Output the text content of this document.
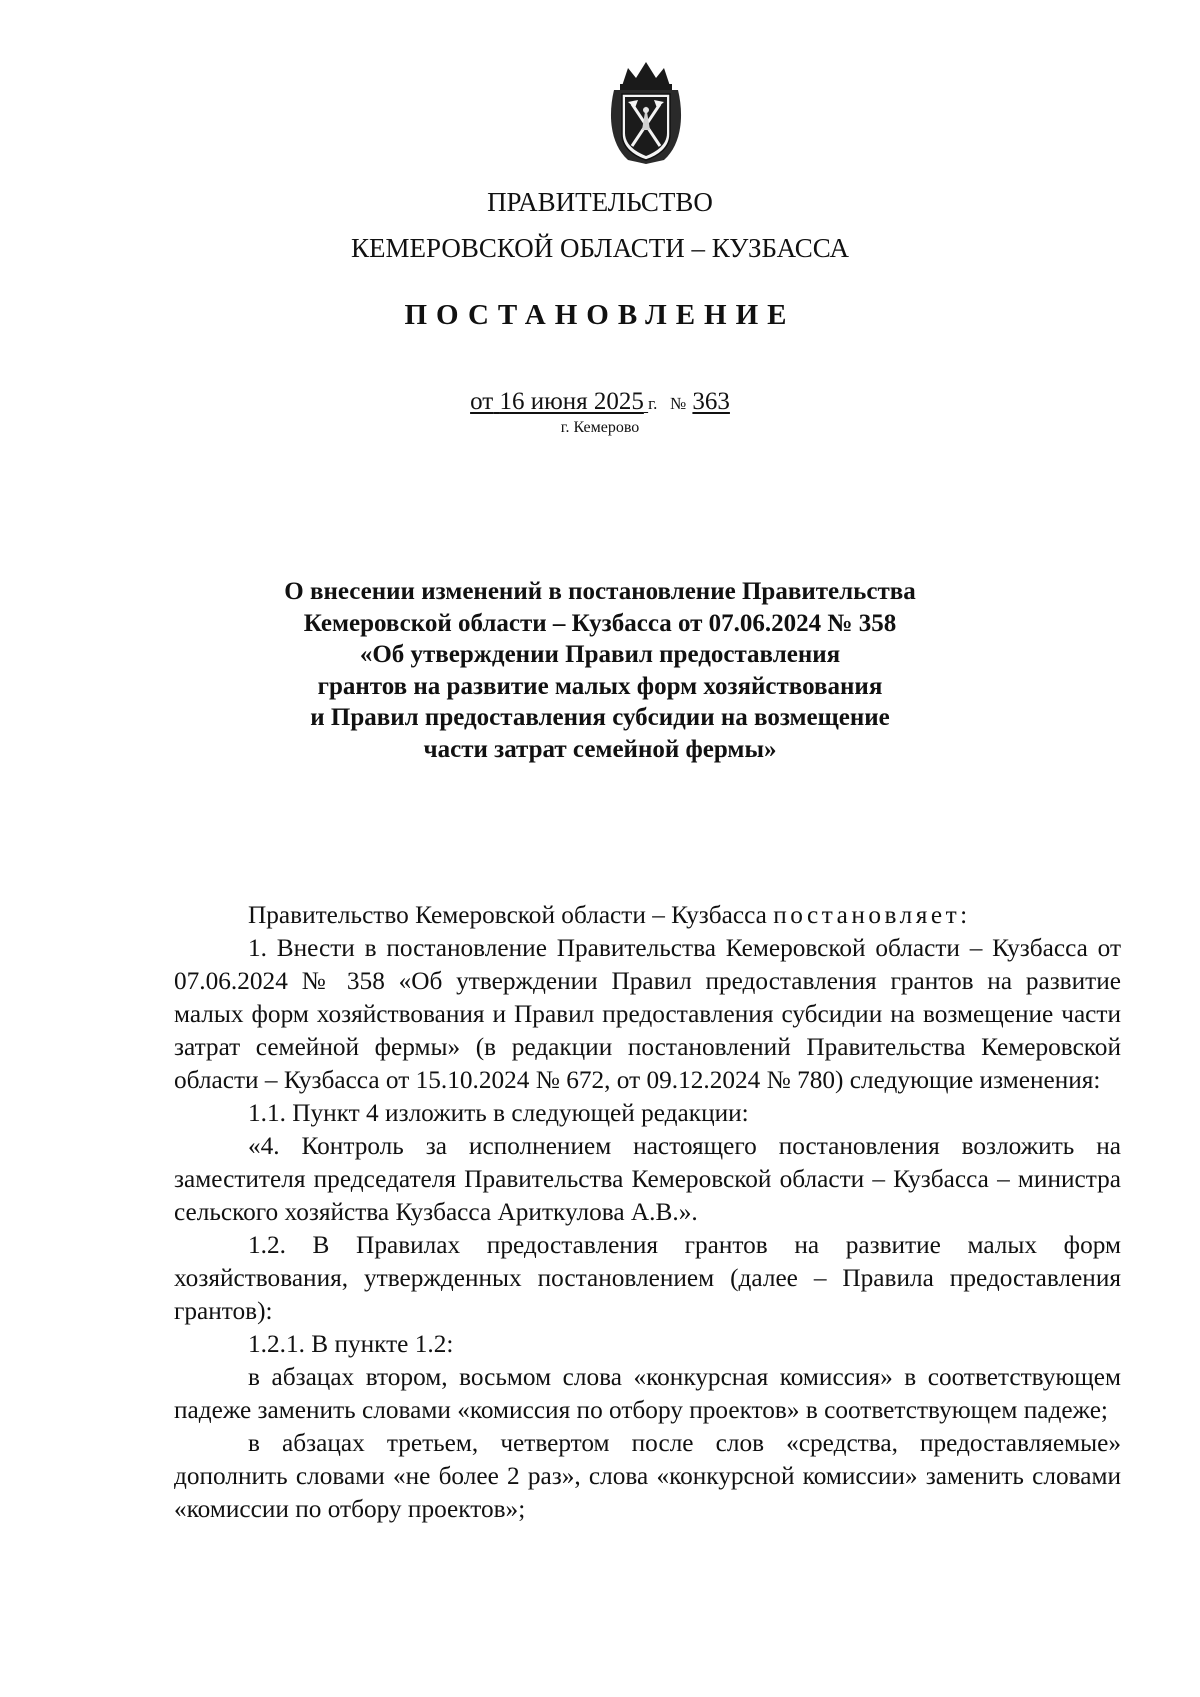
ПРАВИТЕЛЬСТВО
КЕМЕРОВСКОЙ ОБЛАСТИ – КУЗБАССА
ПОСТАНОВЛЕНИЕ
от 16 июня 2025 г. № 363
г. Кемерово
О внесении изменений в постановление Правительства
Кемеровской области – Кузбасса от 07.06.2024 № 358
«Об утверждении Правил предоставления
грантов на развитие малых форм хозяйствования
и Правил предоставления субсидии на возмещение
части затрат семейной фермы»

Правительство Кемеровской области – Кузбасса постановляет:

1. Внести в постановление Правительства Кемеровской области – Кузбасса от 07.06.2024 № 358 «Об утверждении Правил предоставления грантов на развитие малых форм хозяйствования и Правил предоставления субсидии на возмещение части затрат семейной фермы» (в редакции постановлений Правительства Кемеровской области – Кузбасса от 15.10.2024 № 672, от 09.12.2024 № 780) следующие изменения:

1.1. Пункт 4 изложить в следующей редакции:

«4. Контроль за исполнением настоящего постановления возложить на заместителя председателя Правительства Кемеровской области – Кузбасса – министра сельского хозяйства Кузбасса Ариткулова А.В.».

1.2. В Правилах предоставления грантов на развитие малых форм хозяйствования, утвержденных постановлением (далее – Правила предоставления грантов):

1.2.1. В пункте 1.2:

в абзацах втором, восьмом слова «конкурсная комиссия» в соответствующем падеже заменить словами «комиссия по отбору проектов» в соответствующем падеже;

в абзацах третьем, четвертом после слов «средства, предоставляемые» дополнить словами «не более 2 раз», слова «конкурсной комиссии» заменить словами «комиссии по отбору проектов»;
